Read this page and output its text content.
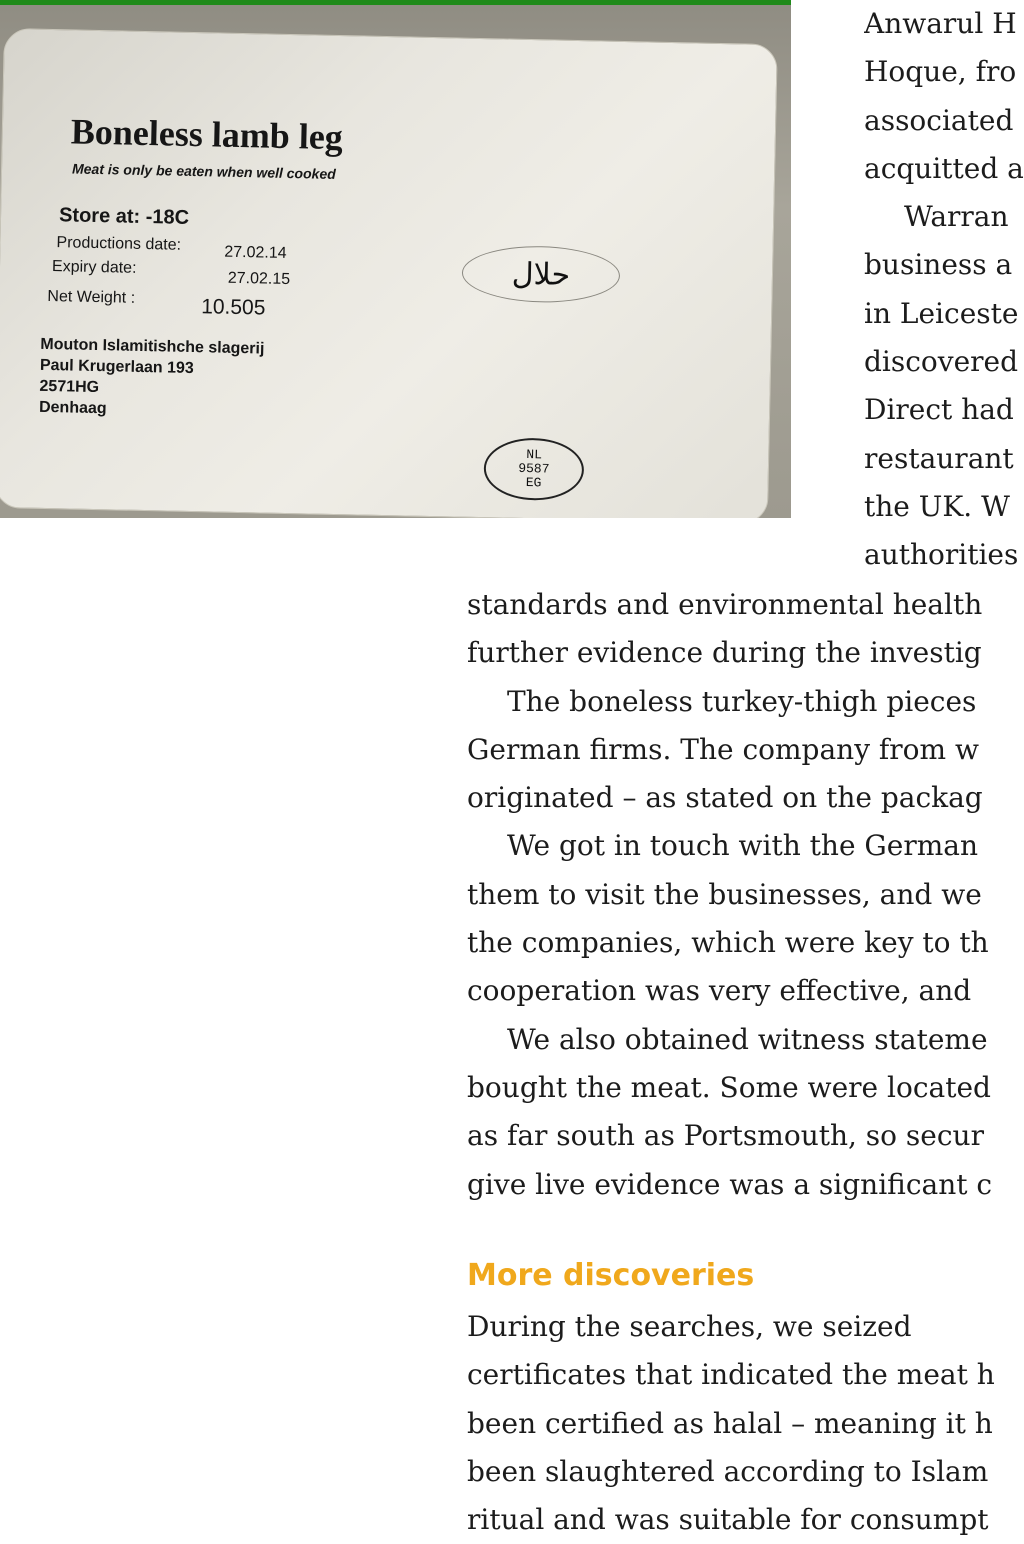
Boneless lamb leg
Meat is only be eaten when well cooked
Store at: -18C
Productions date:	27.02.14
Expiry date:
27.02.15
Net Weight :	10.505
Mouton Islamitishche slagerij
Paul Krugerlaan 193
2571HG
Denhaag
حلال
NL
9587
EG
Anwarul H
Hoque, fro
associated
acquitted a
Warran
business a
in Leiceste
discovered
Direct had
restaurant
the UK. W
authorities
standards and environmental health
further evidence during the investig
The boneless turkey-thigh pieces
German firms. The company from w
originated – as stated on the packag
We got in touch with the German
them to visit the businesses, and we
the companies, which were key to th
cooperation was very effective, and
We also obtained witness stateme
bought the meat. Some were located
as far south as Portsmouth, so secur
give live evidence was a significant c
More discoveries
During the searches, we seized
certificates that indicated the meat h
been certified as halal – meaning it h
been slaughtered according to Islam
ritual and was suitable for consumpt
